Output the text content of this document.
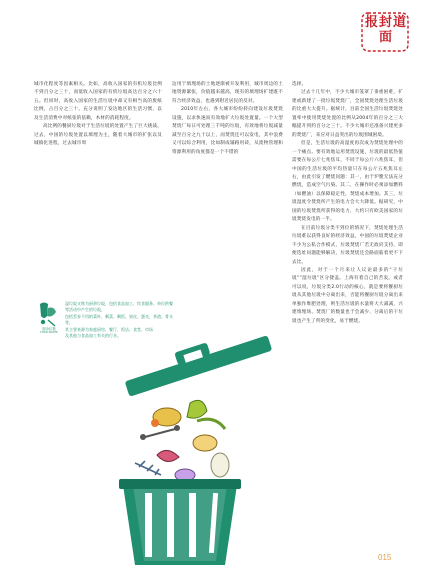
报封道面

城市化程度等因素相关。比如，高收入国家的有机垃圾比例不到百分之三十，而低收入国家的有机垃圾高达百分之六十五。但同时，高收入国家的生活垃圾中却又有相当高的废纸比例，占百分之三十。充分说明了发达地区的生活习惯，以及生活消费中对纸张的依赖，木材的消耗程度。

高比例的餐厨垃圾对于生活垃圾的处置产生了巨大挑战。过去，中国的垃圾处置以填埋为主，随着大城市的扩张以及城镇化进程，过去城市周

边用于填埋场的土地逐渐被开发利用，城市周边的土地资源紧张，价值越来越高，现有的填埋场扩建既不符合经济效益，也遇到附近居民的反对。

2010年左右，各大城市纷纷转向建设垃圾焚烧设施，以求快速而有效地扩大垃圾处置量。一个大型焚烧厂每日可处理三千吨的垃圾，有效地将垃圾减量减至百分之九十以上，而焚烧还可以发电，其中浪费又可以综合利用，比如制成辅路用砖，从废物管理和资源利用的角度都是一个不错的

选择。

过去十几年中，不少大城市笼罩了垂重困难，扩建或新建了一批垃圾焚烧厂，全国焚烧处理生活垃圾的比重大大提升。据统计，目前全国生活垃圾焚烧处置率中使用焚烧处置的比例从2004年的百分之三大幅提升到约百分之三十。不少大城市还准备兴建更多的焚烧厂，来应对日益突出的垃圾围城困境。

但是，生活垃圾的高湿度再次成为焚烧处理中的一个痛点。要有效地运用焚烧设施，垃圾的最低热值需要在每公斤七兆焦耳，不同于每公斤六兆焦耳，但中国的生活垃圾的平均热量只在每公斤五兆焦耳左右，由此引发了燃烧问题：其一，由于炉膛无法充分燃烧，造成空气污染。其二，在操作时必须添加燃料（如燃油）以保障稳定性，焚烧成本增加。其三，垃圾湿度令焚烧所产生的电力会大大降低。据研究，中国的垃圾焚烧所获得的电力，大约只有欧美国家的垃圾焚烧发电的一半。

在目前垃圾分类不到位的情况下，焚烧处理生活垃圾难以获得良好的经济效益，中国的垃圾焚烧企业不少为公私合作模式，垃圾焚烧厂若无政府支持，即便选址问题能够解决，垃圾焚烧还会路面临着更不下去比。

因此，对于一个月来让人议论最多的“干垃圾”“湿垃圾”区分捷盖。上海有着自己的苦衷。或者可以说，垃圾分类2.0行动的核心，就是要将餐厨垃圾从其他垃圾中分离出来，否能将餐厨垃圾分离出来单独作堆肥处理，则生活垃圾的水量将大大减减，兴建堆埋场、焚烧厂的数量也于会减少、分离后的干垃圾也产生了所的变化，易于燃烧。

厨余垃圾
FOOD WASTE

湿垃圾又称为厨余垃圾，包括食品加工、饮食服务、单位供餐等活动中产生的垃圾，

包括丢弃不用的菜叶、剩菜、剩饭、果皮、蛋壳、茶渣、骨头等，

其主要来源为家庭厨房、餐厅、饭店、食堂、市场

及其他与食品加工有关的行业。

015
